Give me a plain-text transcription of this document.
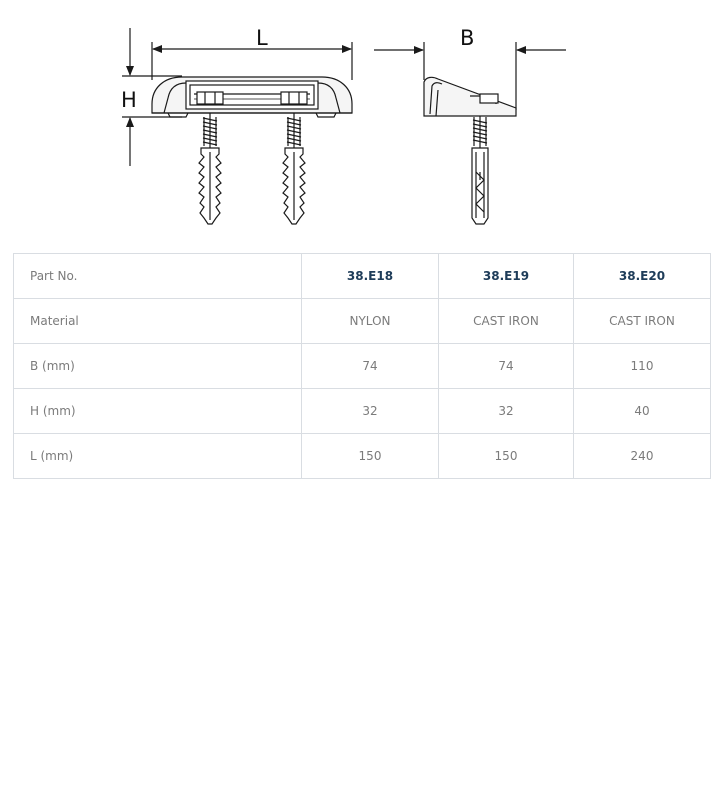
L
H
B
Part No.	38.E18	38.E19	38.E20
Material	NYLON	CAST IRON	CAST IRON
B (mm)	74	74	110
H (mm)	32	32	40
L (mm)	150	150	240
